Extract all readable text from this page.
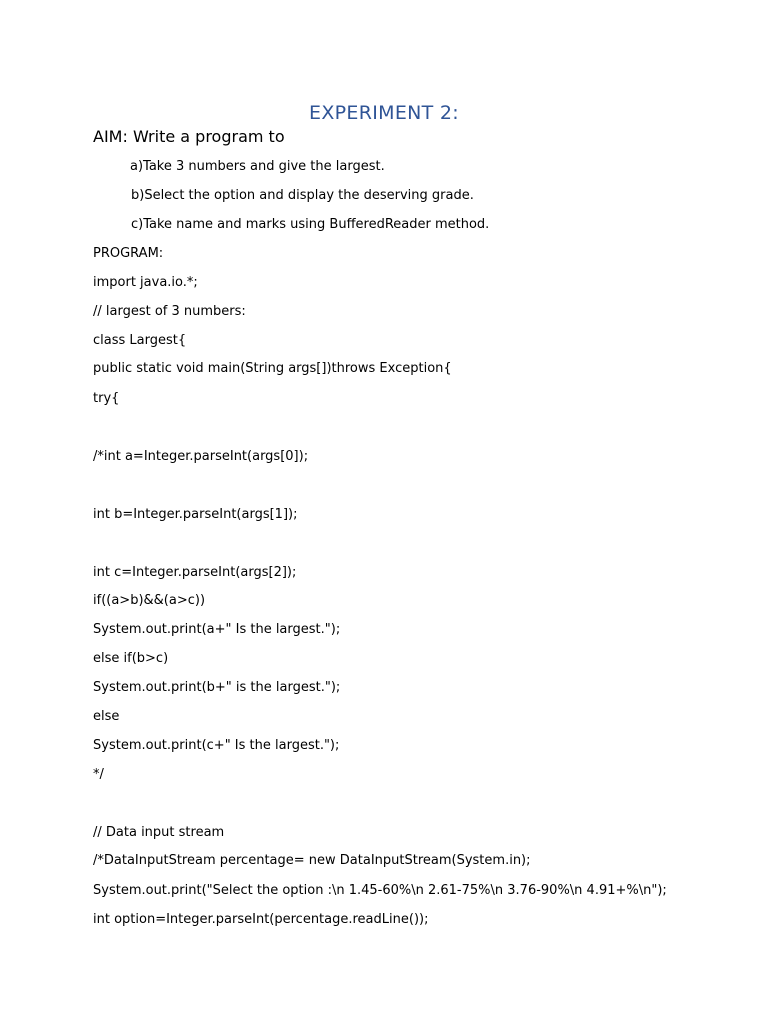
EXPERIMENT 2:
AIM: Write a program to
a)Take 3 numbers and give the largest.
b)Select the option and display the deserving grade.
c)Take name and marks using BufferedReader method.
PROGRAM:
import java.io.*;
// largest of 3 numbers:
class Largest{
public static void main(String args[])throws Exception{
try{
/*int a=Integer.parseInt(args[0]);
int b=Integer.parseInt(args[1]);
int c=Integer.parseInt(args[2]);
if((a>b)&&(a>c))
System.out.print(a+" Is the largest.");
else if(b>c)
System.out.print(b+" is the largest.");
else
System.out.print(c+" Is the largest.");
*/
// Data input stream
/*DataInputStream percentage= new DataInputStream(System.in);
System.out.print("Select the option :\n 1.45-60%\n 2.61-75%\n 3.76-90%\n 4.91+%\n");
int option=Integer.parseInt(percentage.readLine());
